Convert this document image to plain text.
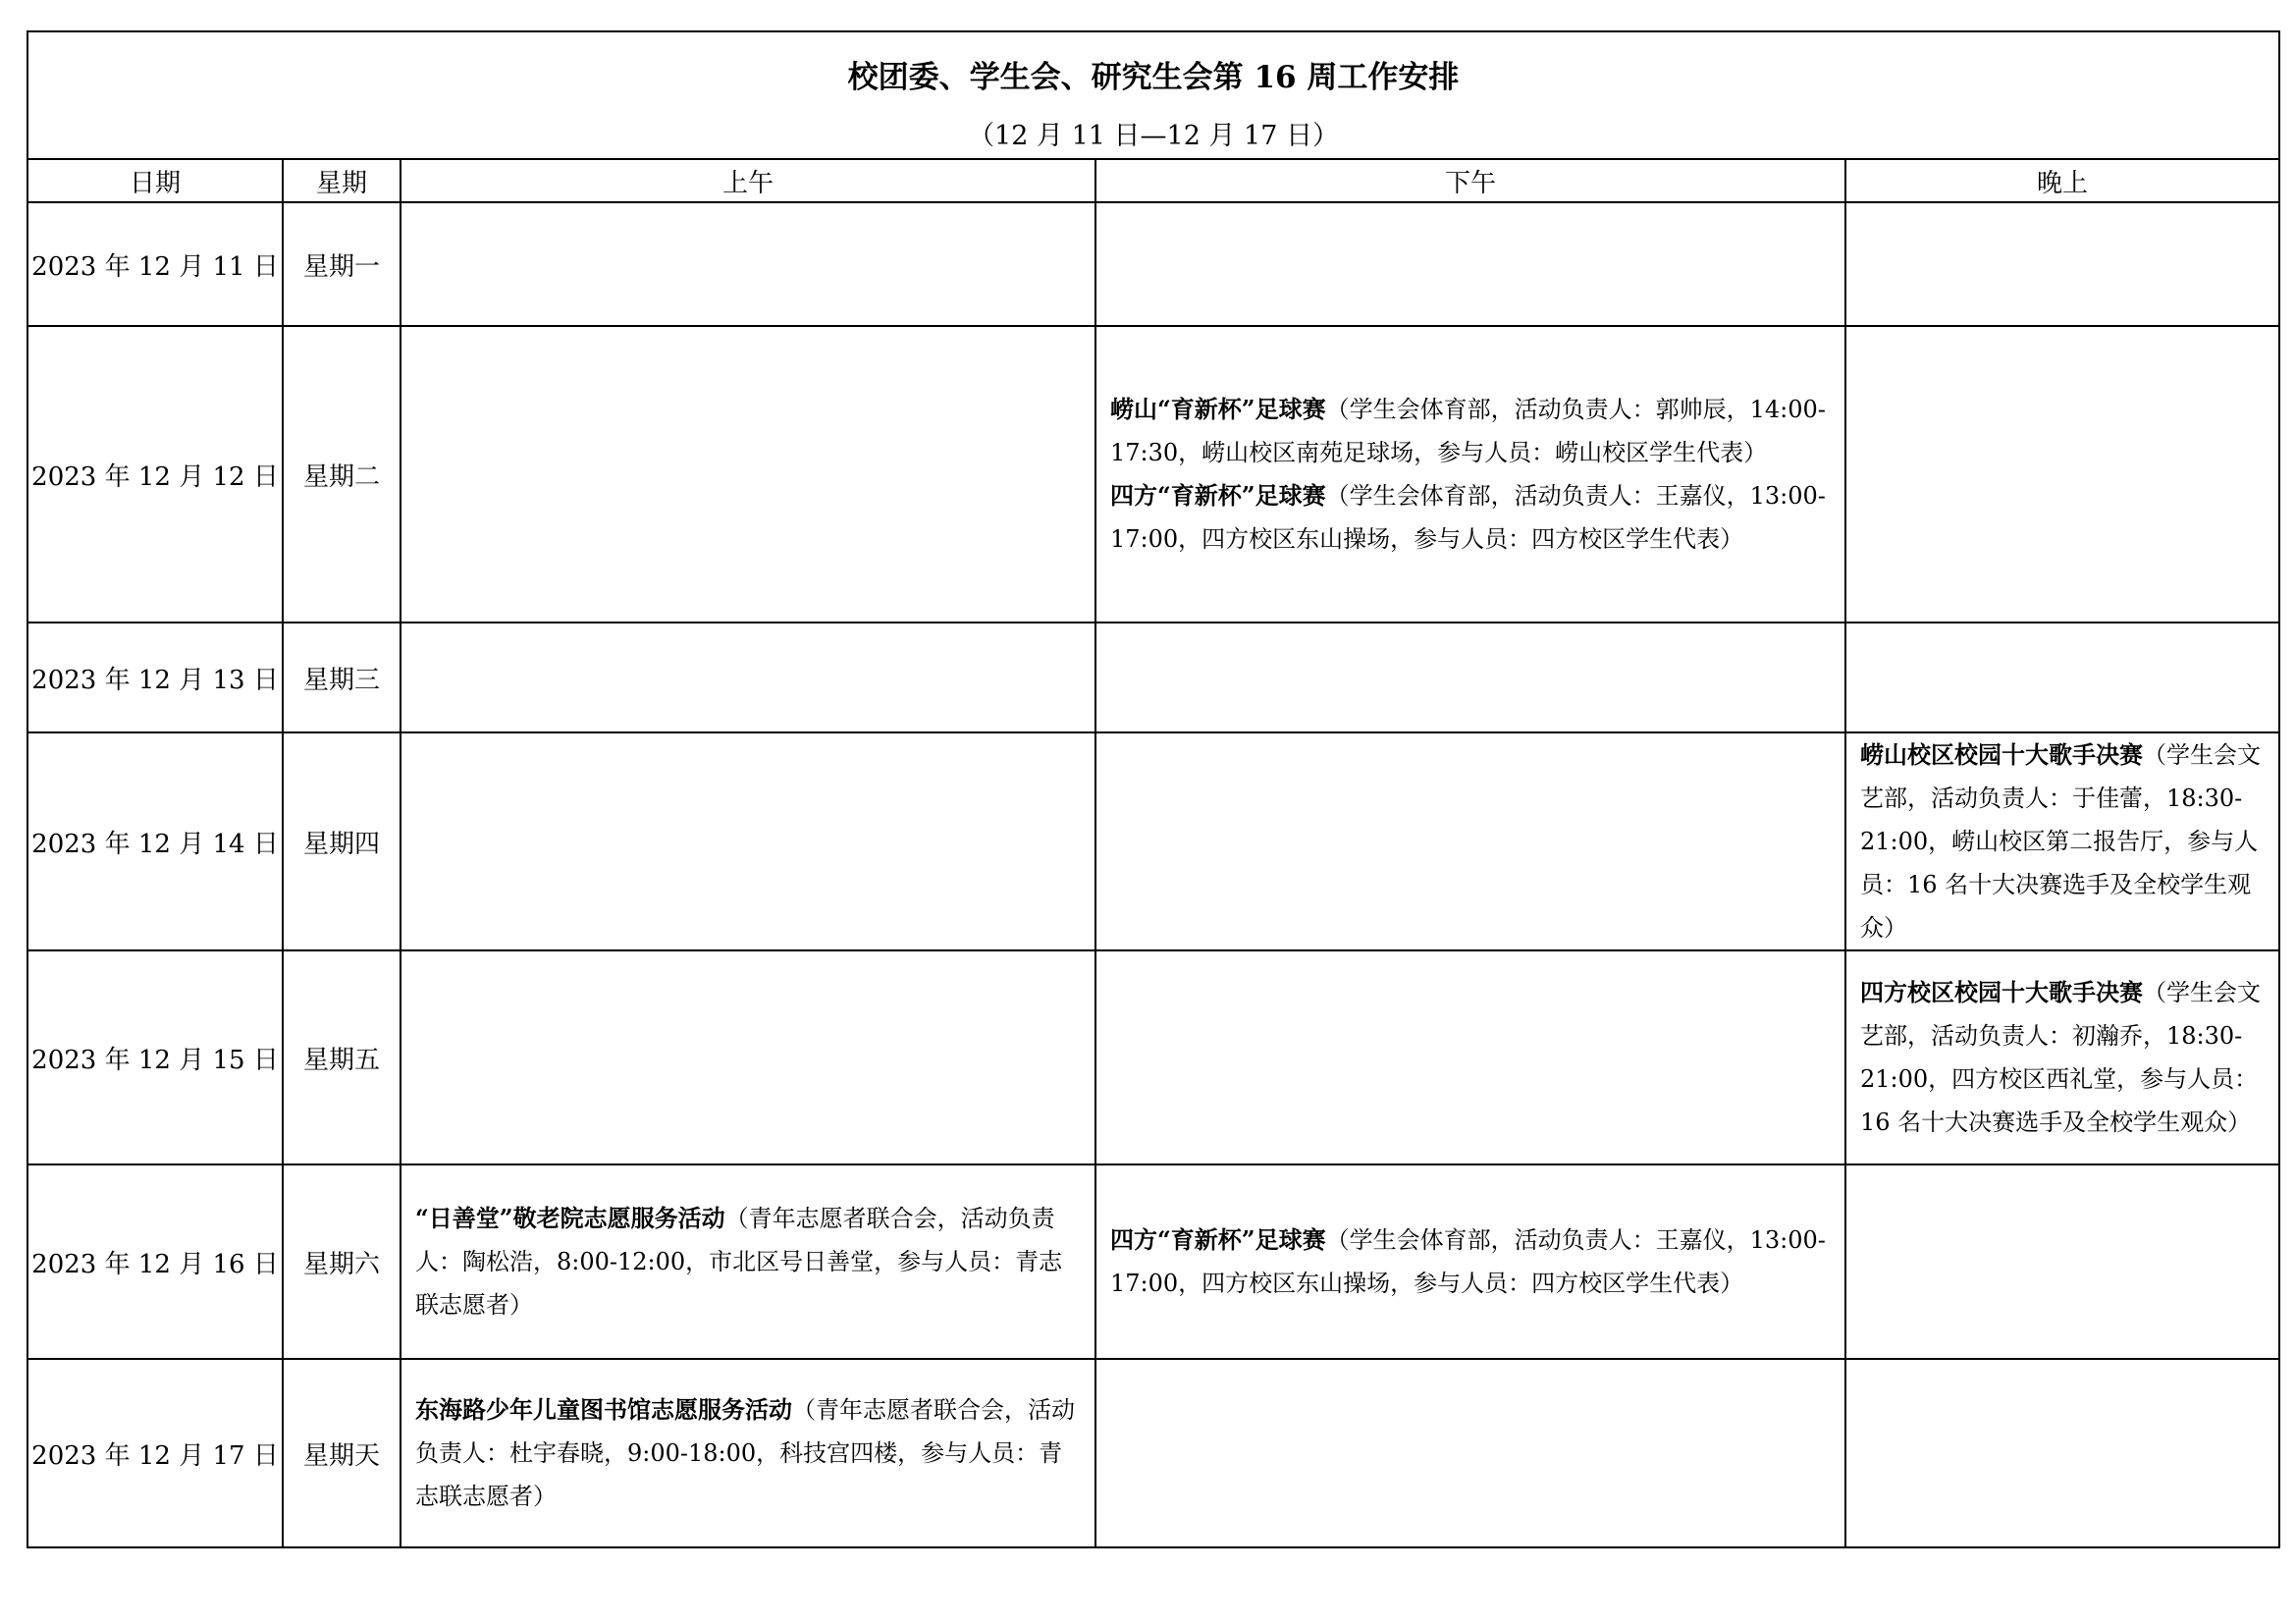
校团委、学生会、研究生会第 16 周工作安排
（12 月 11 日—12 月 17 日）				

日期	星期	上午	下午	晚上
2023 年 12 月 11 日	星期一			
2023 年 12 月 12 日	星期二		崂山“育新杯”足球赛（学生会体育部，活动负责人：郭帅辰，14:00-17:30，崂山校区南苑足球场，参与人员：崂山校区学生代表）
四方“育新杯”足球赛（学生会体育部，活动负责人：王嘉仪，13:00-17:00，四方校区东山操场，参与人员：四方校区学生代表）	

2023 年 12 月 13 日	星期三			
2023 年 12 月 14 日	星期四			崂山校区校园十大歌手决赛（学生会文艺部，活动负责人：于佳蕾，18:30-21:00，崂山校区第二报告厅，参与人员：16 名十大决赛选手及全校学生观众）

2023 年 12 月 15 日	星期五			四方校区校园十大歌手决赛（学生会文艺部，活动负责人：初瀚乔，18:30-21:00，四方校区西礼堂，参与人员：16 名十大决赛选手及全校学生观众）

2023 年 12 月 16 日	星期六	“日善堂”敬老院志愿服务活动（青年志愿者联合会，活动负责人：陶松浩，8:00-12:00，市北区号日善堂，参与人员：青志联志愿者）	四方“育新杯”足球赛（学生会体育部，活动负责人：王嘉仪，13:00-17:00，四方校区东山操场，参与人员：四方校区学生代表）	

2023 年 12 月 17 日	星期天	东海路少年儿童图书馆志愿服务活动（青年志愿者联合会，活动负责人：杜宇春晓，9:00-18:00，科技宫四楼，参与人员：青志联志愿者）		
